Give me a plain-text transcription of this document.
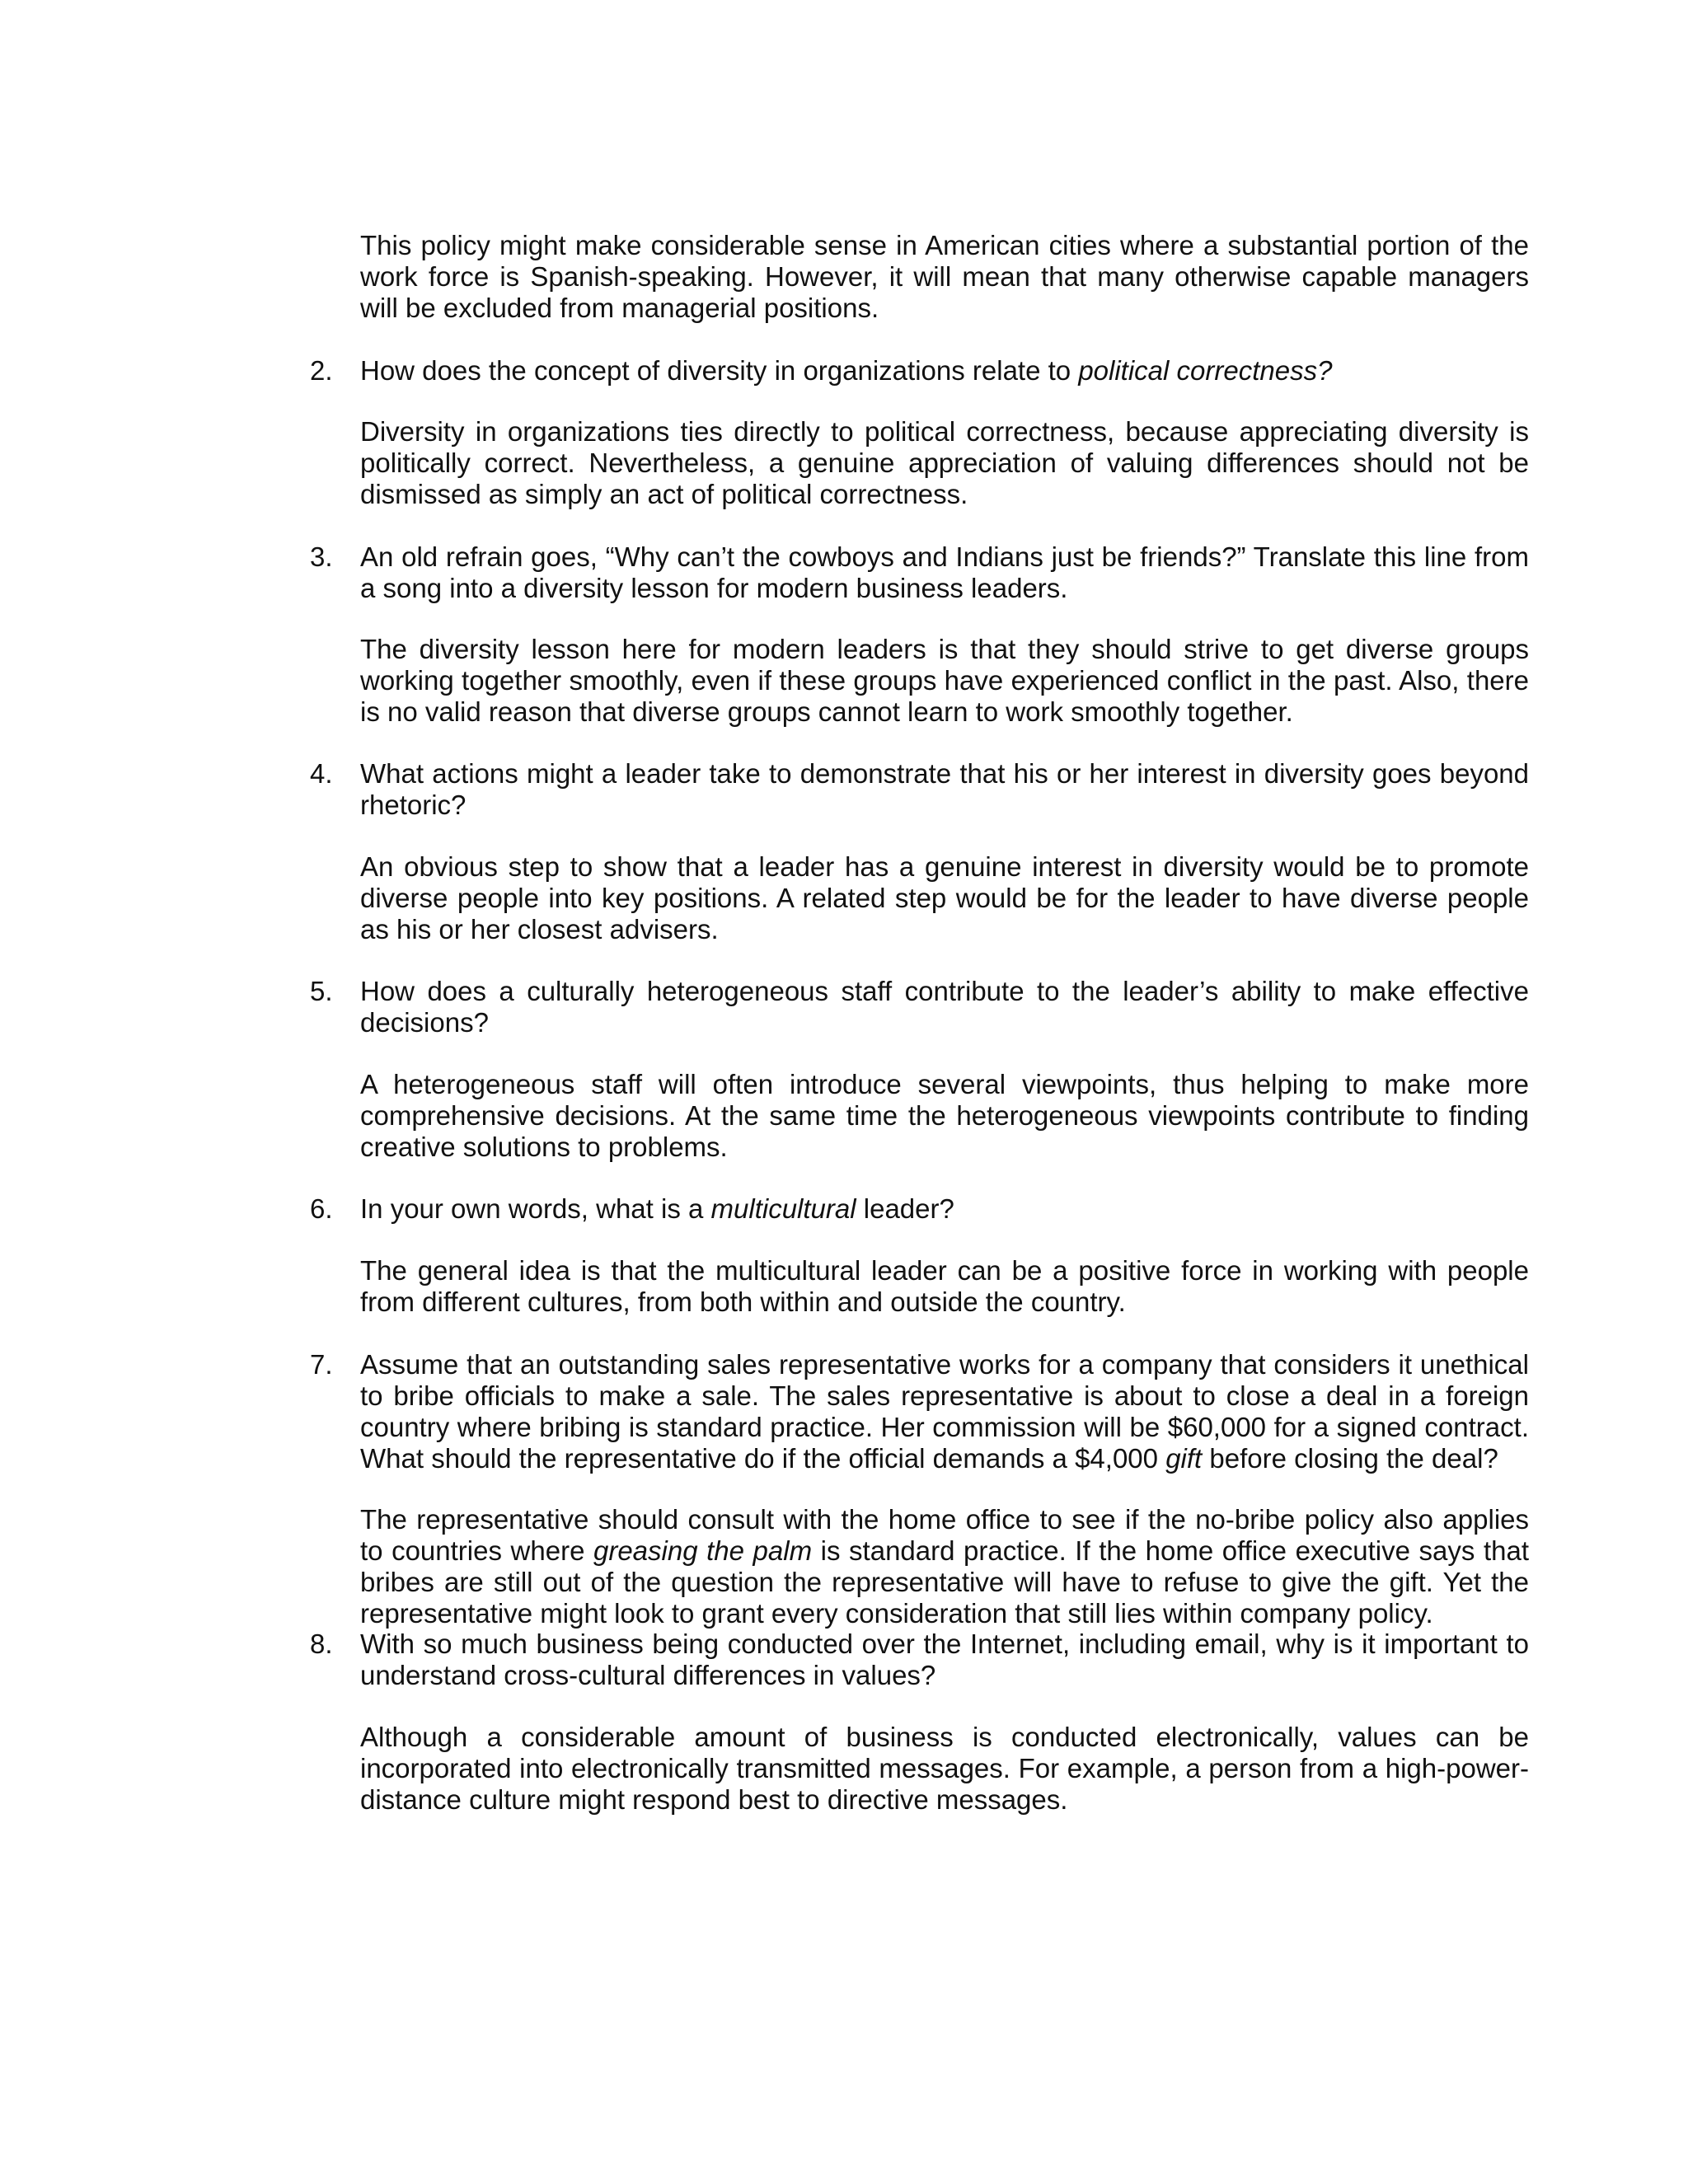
This policy might make considerable sense in American cities where a substantial portion of the work force is Spanish-speaking. However, it will mean that many otherwise capable managers will be excluded from managerial positions.

2. How does the concept of diversity in organizations relate to political correctness?

Diversity in organizations ties directly to political correctness, because appreciating diversity is politically correct. Nevertheless, a genuine appreciation of valuing differences should not be dismissed as simply an act of political correctness.

3. An old refrain goes, “Why can’t the cowboys and Indians just be friends?” Translate this line from a song into a diversity lesson for modern business leaders.

The diversity lesson here for modern leaders is that they should strive to get diverse groups working together smoothly, even if these groups have experienced conflict in the past. Also, there is no valid reason that diverse groups cannot learn to work smoothly together.

4. What actions might a leader take to demonstrate that his or her interest in diversity goes beyond rhetoric?

An obvious step to show that a leader has a genuine interest in diversity would be to promote diverse people into key positions. A related step would be for the leader to have diverse people as his or her closest advisers.

5. How does a culturally heterogeneous staff contribute to the leader’s ability to make effective decisions?

A heterogeneous staff will often introduce several viewpoints, thus helping to make more comprehensive decisions. At the same time the heterogeneous viewpoints contribute to finding creative solutions to problems.

6. In your own words, what is a multicultural leader?

The general idea is that the multicultural leader can be a positive force in working with people from different cultures, from both within and outside the country.

7. Assume that an outstanding sales representative works for a company that considers it unethical to bribe officials to make a sale. The sales representative is about to close a deal in a foreign country where bribing is standard practice. Her commission will be $60,000 for a signed contract. What should the representative do if the official demands a $4,000 gift before closing the deal?

The representative should consult with the home office to see if the no-bribe policy also applies to countries where greasing the palm is standard practice. If the home office executive says that bribes are still out of the question the representative will have to refuse to give the gift. Yet the representative might look to grant every consideration that still lies within company policy.

8. With so much business being conducted over the Internet, including email, why is it important to understand cross-cultural differences in values?

Although a considerable amount of business is conducted electronically, values can be incorporated into electronically transmitted messages. For example, a person from a high-power-distance culture might respond best to directive messages.
